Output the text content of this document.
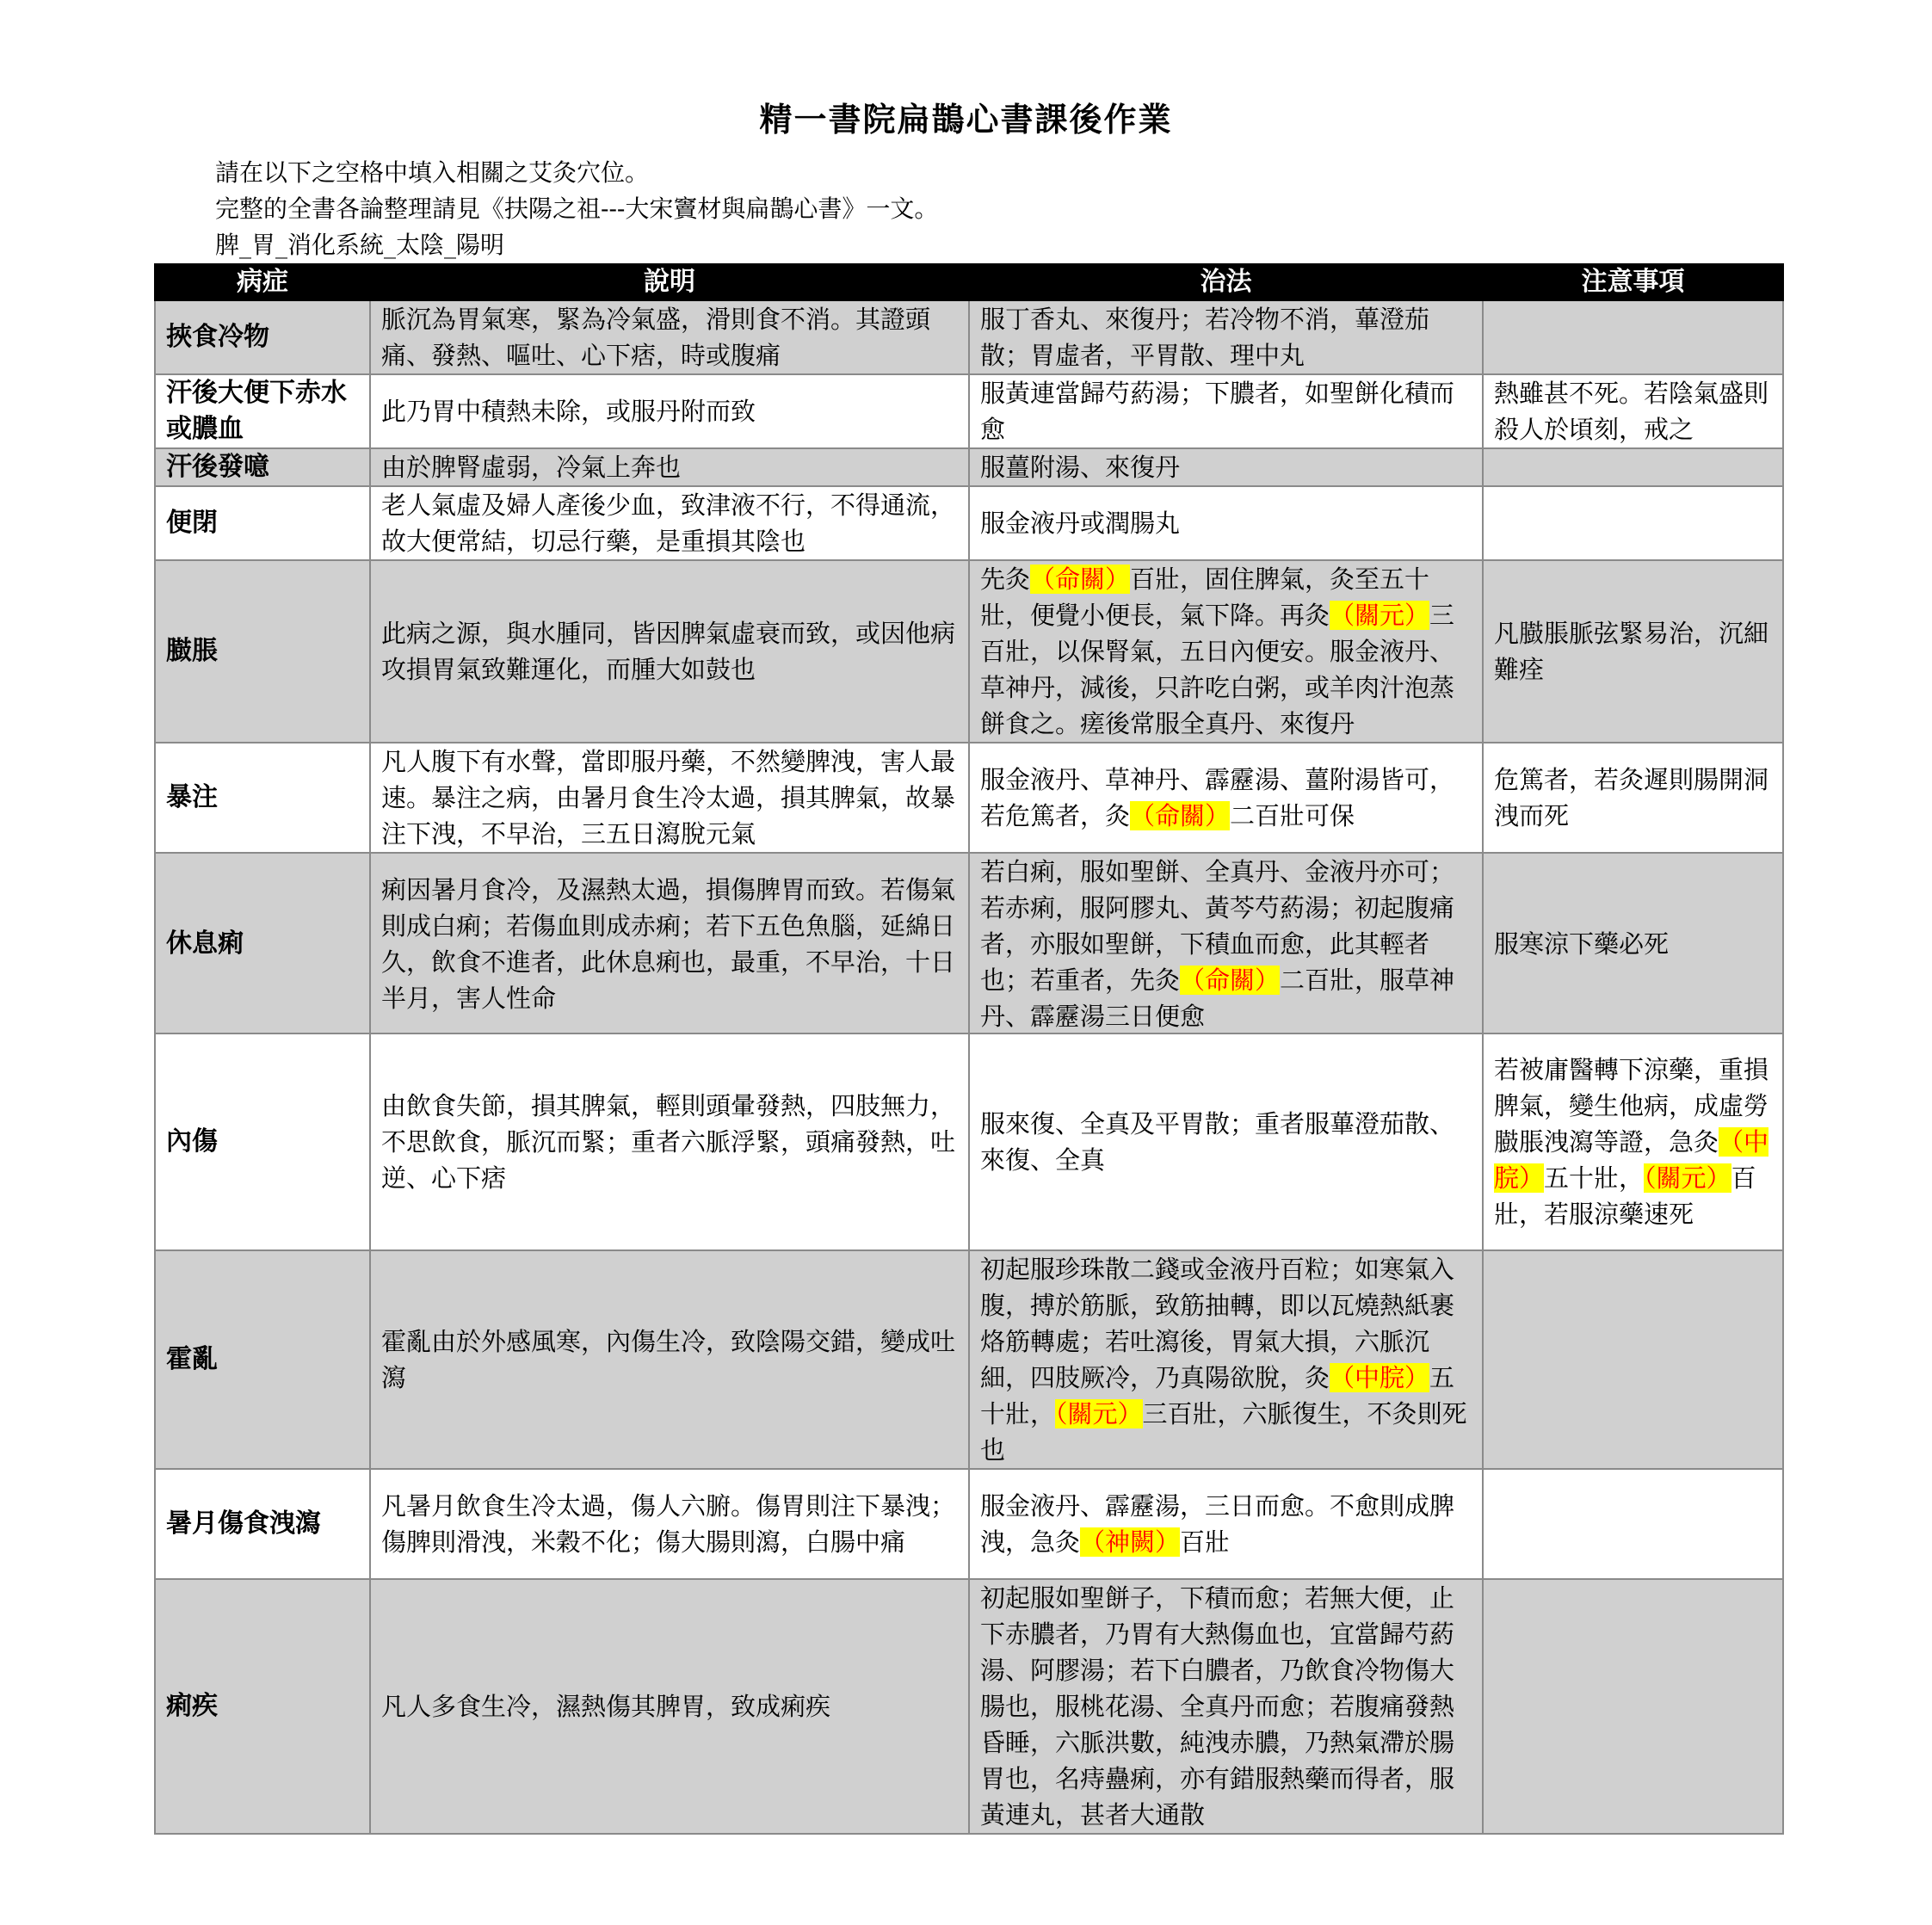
精一書院扁鵲心書課後作業
請在以下之空格中填入相關之艾灸穴位。
完整的全書各論整理請見《扶陽之祖---大宋竇材與扁鵲心書》一文。
脾_胃_消化系統_太陰_陽明
病症	說明	治法	注意事項
挾食冷物	脈沉為胃氣寒，緊為冷氣盛，滑則食不消。其證頭痛、發熱、嘔吐、心下痞，時或腹痛	服丁香丸、來復丹；若冷物不消，蓽澄茄散；胃虛者，平胃散、理中丸	
汗後大便下赤水或膿血	此乃胃中積熱未除，或服丹附而致	服黃連當歸芍葯湯；下膿者，如聖餅化積而愈	熱雖甚不死。若陰氣盛則殺人於頃刻，戒之
汗後發噫	由於脾腎虛弱，冷氣上奔也	服薑附湯、來復丹	
便閉	老人氣虛及婦人產後少血，致津液不行，不得通流，故大便常結，切忌行藥，是重損其陰也	服金液丹或潤腸丸	
臌脹	此病之源，與水腫同，皆因脾氣虛衰而致，或因他病攻損胃氣致難運化，而腫大如鼓也	先灸（命關）百壯，固住脾氣，灸至五十壯，便覺小便長，氣下降。再灸（關元）三百壯，以保腎氣，五日內便安。服金液丹、草神丹，減後，只許吃白粥，或羊肉汁泡蒸餅食之。瘥後常服全真丹、來復丹	凡臌脹脈弦緊易治，沉細難痊
暴注	凡人腹下有水聲，當即服丹藥，不然變脾洩，害人最速。暴注之病，由暑月食生冷太過，損其脾氣，故暴注下洩，不早治，三五日瀉脫元氣	服金液丹、草神丹、霹靂湯、薑附湯皆可，若危篤者，灸（命關）二百壯可保	危篤者，若灸遲則腸開洞洩而死
休息痢	痢因暑月食冷，及濕熱太過，損傷脾胃而致。若傷氣則成白痢；若傷血則成赤痢；若下五色魚腦，延綿日久，飲食不進者，此休息痢也，最重，不早治，十日半月，害人性命	若白痢，服如聖餅、全真丹、金液丹亦可；若赤痢，服阿膠丸、黃芩芍葯湯；初起腹痛者，亦服如聖餅，下積血而愈，此其輕者也；若重者，先灸（命關）二百壯，服草神丹、霹靂湯三日便愈	服寒涼下藥必死
內傷	由飲食失節，損其脾氣，輕則頭暈發熱，四肢無力，不思飲食，脈沉而緊；重者六脈浮緊，頭痛發熱，吐逆、心下痞	服來復、全真及平胃散；重者服蓽澄茄散、來復、全真	若被庸醫轉下涼藥，重損脾氣，變生他病，成虛勞臌脹洩瀉等證，急灸（中脘）五十壯，（關元）百壯，若服涼藥速死
霍亂	霍亂由於外感風寒，內傷生冷，致陰陽交錯，變成吐瀉	初起服珍珠散二錢或金液丹百粒；如寒氣入腹，搏於筋脈，致筋抽轉，即以瓦燒熱紙裹烙筋轉處；若吐瀉後，胃氣大損，六脈沉細，四肢厥冷，乃真陽欲脫，灸（中脘）五十壯，（關元）三百壯，六脈復生，不灸則死也	
暑月傷食洩瀉	凡暑月飲食生冷太過，傷人六腑。傷胃則注下暴洩；傷脾則滑洩，米穀不化；傷大腸則瀉，白腸中痛	服金液丹、霹靂湯，三日而愈。不愈則成脾洩，急灸（神闕）百壯	
痢疾	凡人多食生冷，濕熱傷其脾胃，致成痢疾	初起服如聖餅子，下積而愈；若無大便，止下赤膿者，乃胃有大熱傷血也，宜當歸芍葯湯、阿膠湯；若下白膿者，乃飲食冷物傷大腸也，服桃花湯、全真丹而愈；若腹痛發熱昏睡，六脈洪數，純洩赤膿，乃熱氣滯於腸胃也，名痔蠱痢，亦有錯服熱藥而得者，服黃連丸，甚者大通散	
